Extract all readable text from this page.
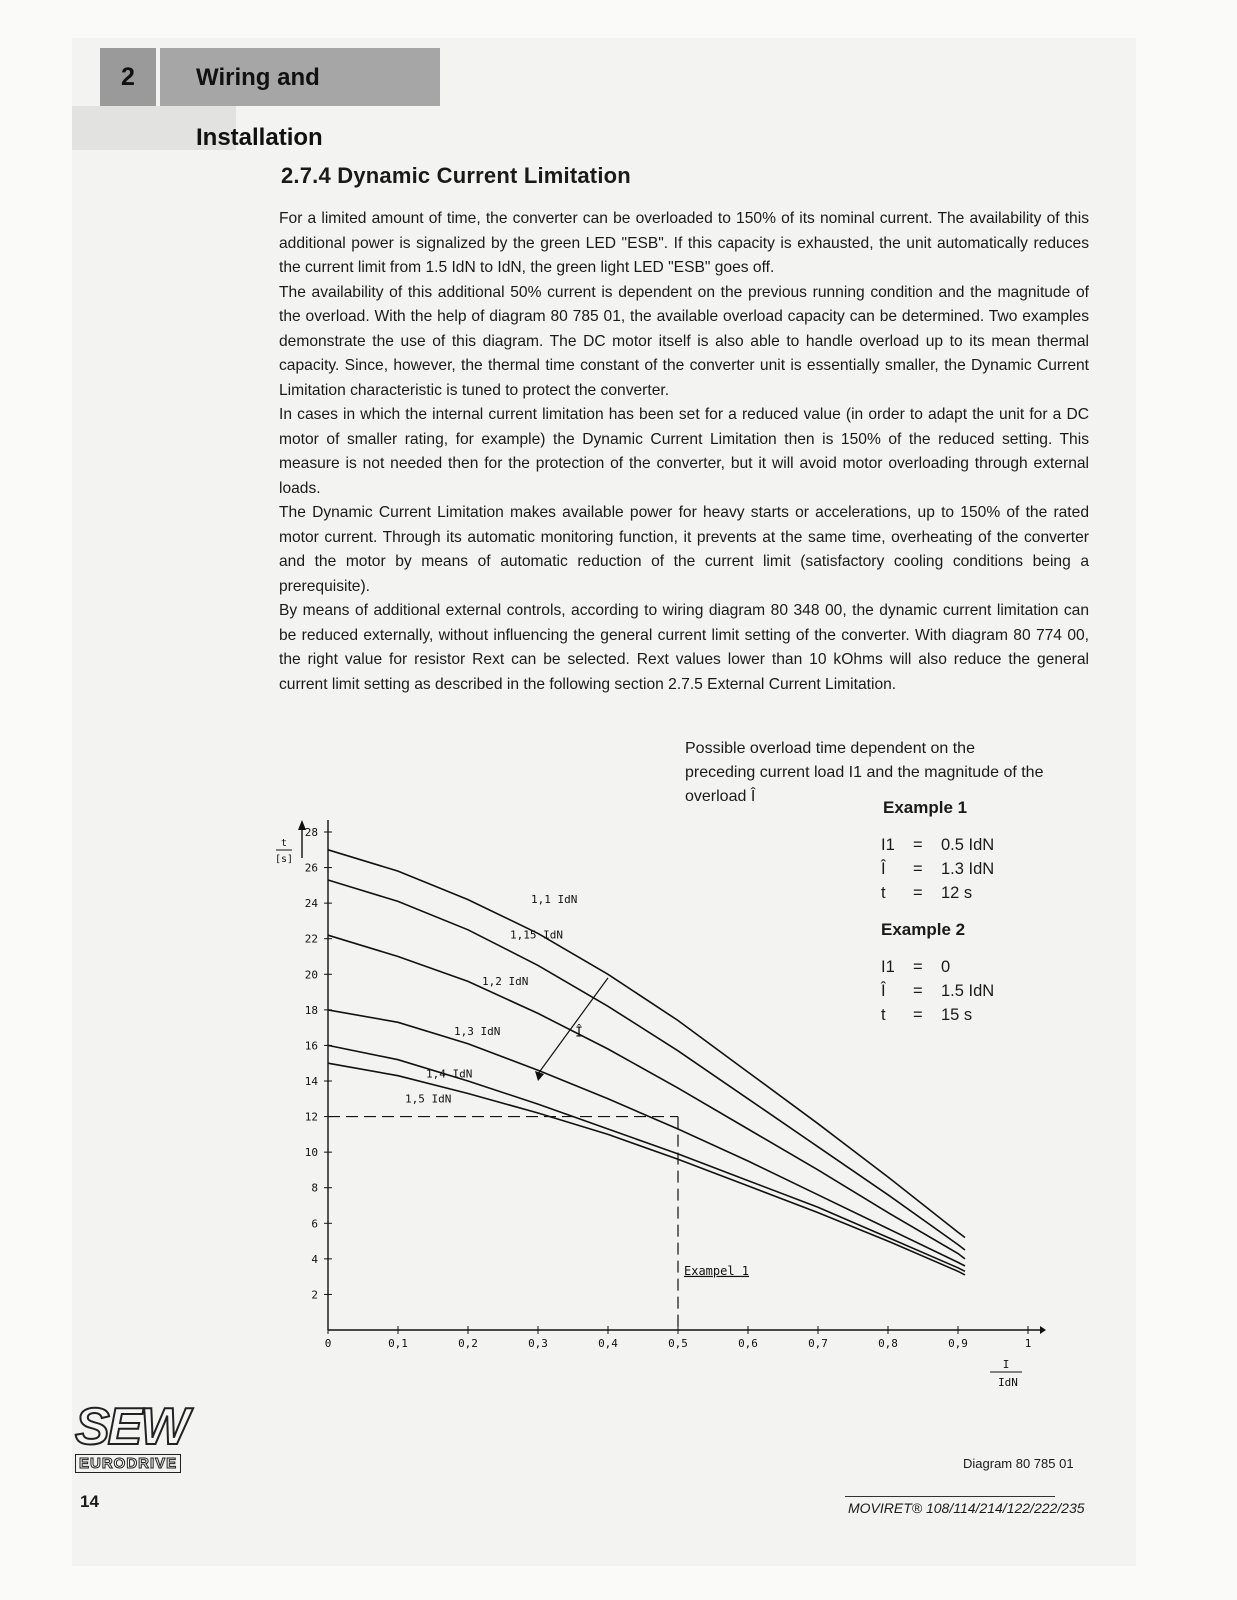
2	Wiring and Installation
2.7.4 Dynamic Current Limitation

For a limited amount of time, the converter can be overloaded to 150% of its nominal current. The availability of this additional power is signalized by the green LED "ESB". If this capacity is exhausted, the unit automatically reduces the current limit from 1.5 IdN to IdN, the green light LED "ESB" goes off.

The availability of this additional 50% current is dependent on the previous running condition and the magnitude of the overload. With the help of diagram 80 785 01, the available overload capacity can be determined. Two examples demonstrate the use of this diagram. The DC motor itself is also able to handle overload up to its mean thermal capacity. Since, however, the thermal time constant of the converter unit is essentially smaller, the Dynamic Current Limitation characteristic is tuned to protect the converter.

In cases in which the internal current limitation has been set for a reduced value (in order to adapt the unit for a DC motor of smaller rating, for example) the Dynamic Current Limitation then is 150% of the reduced setting. This measure is not needed then for the protection of the converter, but it will avoid motor overloading through external loads.

The Dynamic Current Limitation makes available power for heavy starts or accelerations, up to 150% of the rated motor current. Through its automatic monitoring function, it prevents at the same time, overheating of the converter and the motor by means of automatic reduction of the current limit (satisfactory cooling conditions being a prerequisite).

By means of additional external controls, according to wiring diagram 80 348 00, the dynamic current limitation can be reduced externally, without influencing the general current limit setting of the converter. With diagram 80 774 00, the right value for resistor Rext can be selected. Rext values lower than 10 kOhms will also reduce the general current limit setting as described in the following section 2.7.5 External Current Limitation.

Possible overload time dependent on the preceding current load I1 and the magnitude of the overload Î
Example 1
I1	=	0.5 IdN
Î	=	1.3 IdN
t	=	12 s
Example 2
I1	=	0
Î	=	1.5 IdN
t	=	15 s
2
4
6
8
10
12
14
16
18
20
22
24
26
28
0	0,1	0,2	0,3	0,4	0,5	0,6	0,7	0,8	0,9	1
t
[s]
I
IdN
1,1 IdN
1,15 IdN
1,2 IdN
1,3 IdN
1,4 IdN
1,5 IdN
Exampel 1
Î
SEW
EURODRIVE	Diagram 80 785 01
14	MOVIRET® 108/114/214/122/222/235
